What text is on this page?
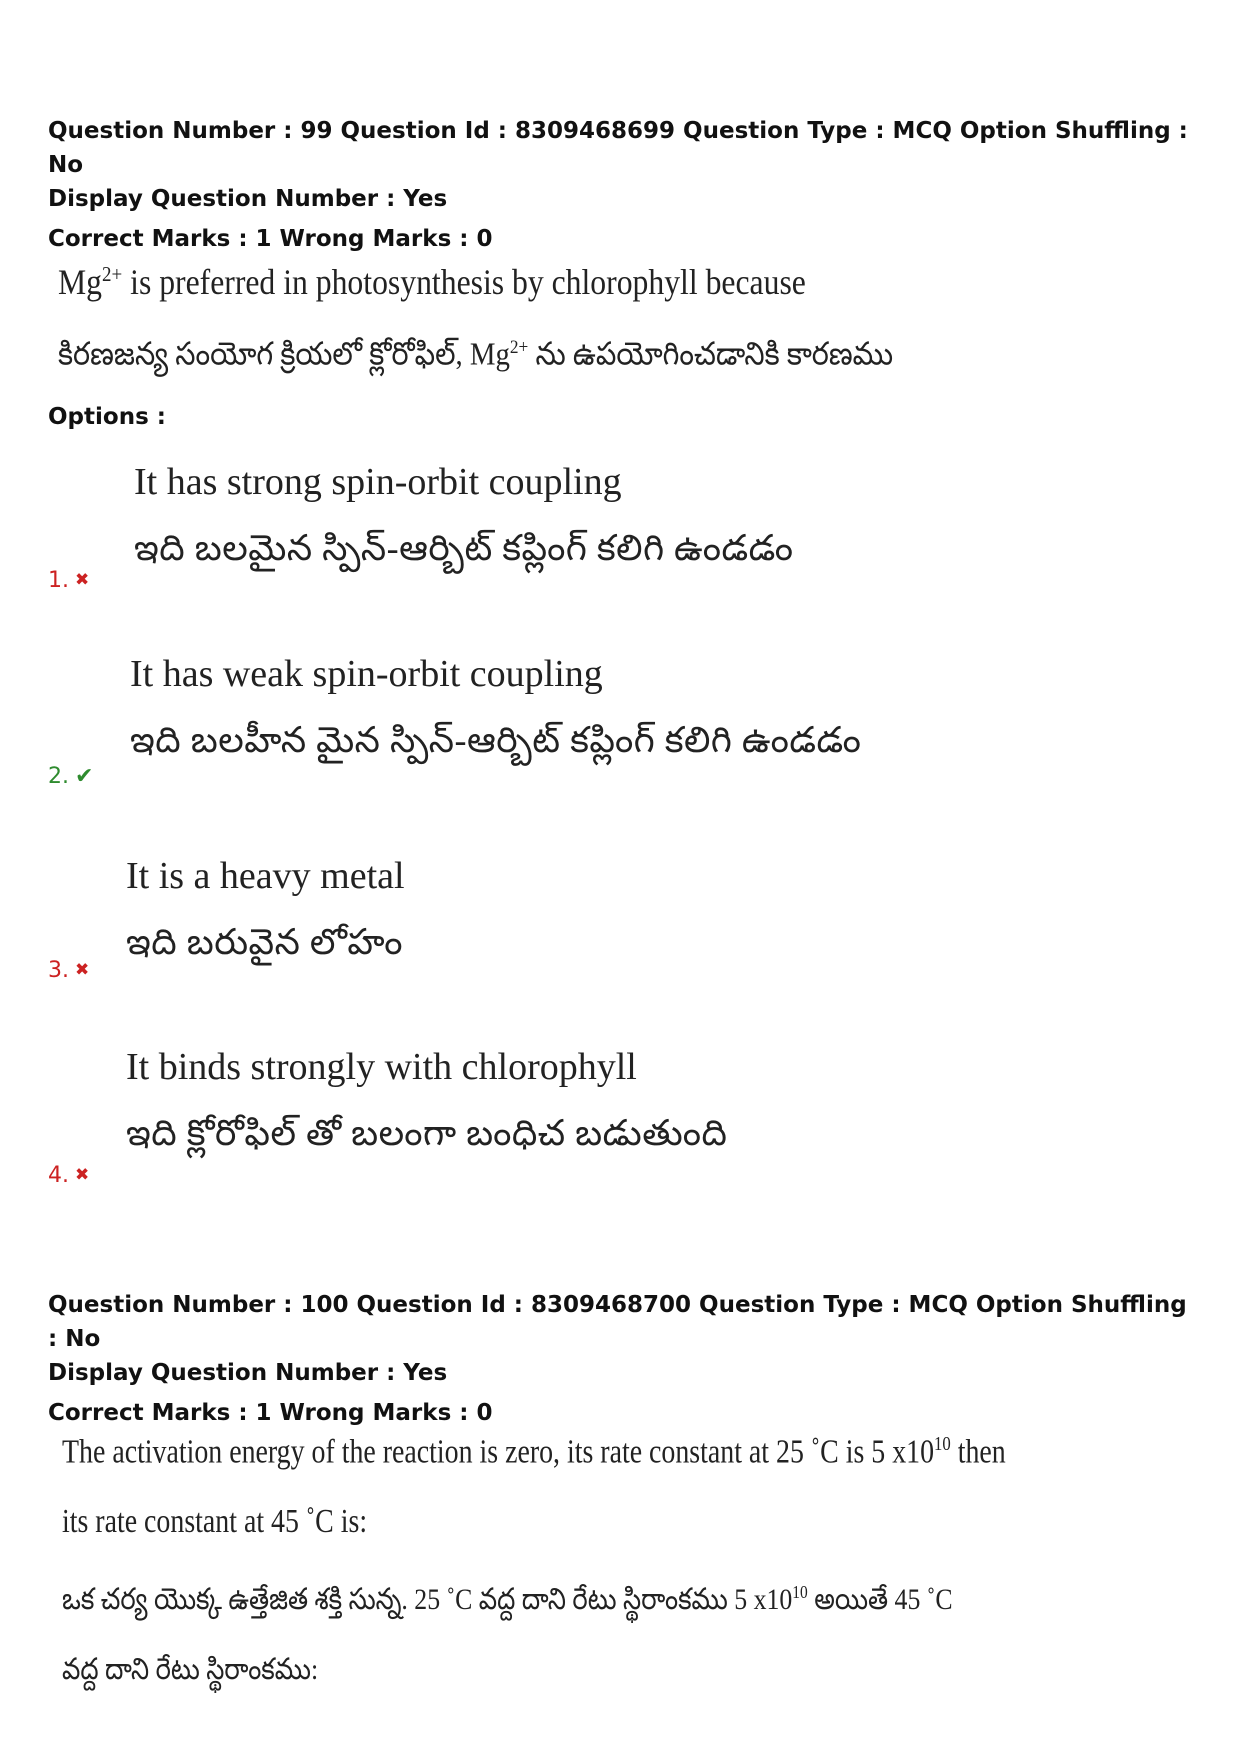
Question Number : 99 Question Id : 8309468699 Question Type : MCQ Option Shuffling : No

Display Question Number : Yes

Correct Marks : 1 Wrong Marks : 0

$Mg^{2+}$ is preferred in photosynthesis by chlorophyll because
కిరణజన్య సంయోగ క్రియలో క్లోరోఫిల్, $Mg^{2+}$ ను ఉపయోగించడానికి కారణము
Options :
1. ✖
It has strong spin-orbit coupling
ఇది బలమైన స్పిన్-ఆర్బిట్ కప్లింగ్ కలిగి ఉండడం
2. ✔
It has weak spin-orbit coupling
ఇది బలహీన మైన స్పిన్-ఆర్బిట్ కప్లింగ్ కలిగి ఉండడం
3. ✖
It is a heavy metal
ఇది బరువైన లోహం
4. ✖
It binds strongly with chlorophyll
ఇది క్లోరోఫిల్ తో బలంగా బంధిచ బడుతుంది

Question Number : 100 Question Id : 8309468700 Question Type : MCQ Option Shuffling : No

Display Question Number : Yes

Correct Marks : 1 Wrong Marks : 0

The activation energy of the reaction is zero, its rate constant at 25 ˚C is 5 $x10^{10}$ then
its rate constant at 45 ˚C is:
ఒక చర్య యొక్క ఉత్తేజిత శక్తి సున్న. 25 ˚C వద్ద దాని రేటు స్థిరాంకము 5 $x10^{10}$ అయితే 45 ˚C
వద్ద దాని రేటు స్థిరాంకము:
